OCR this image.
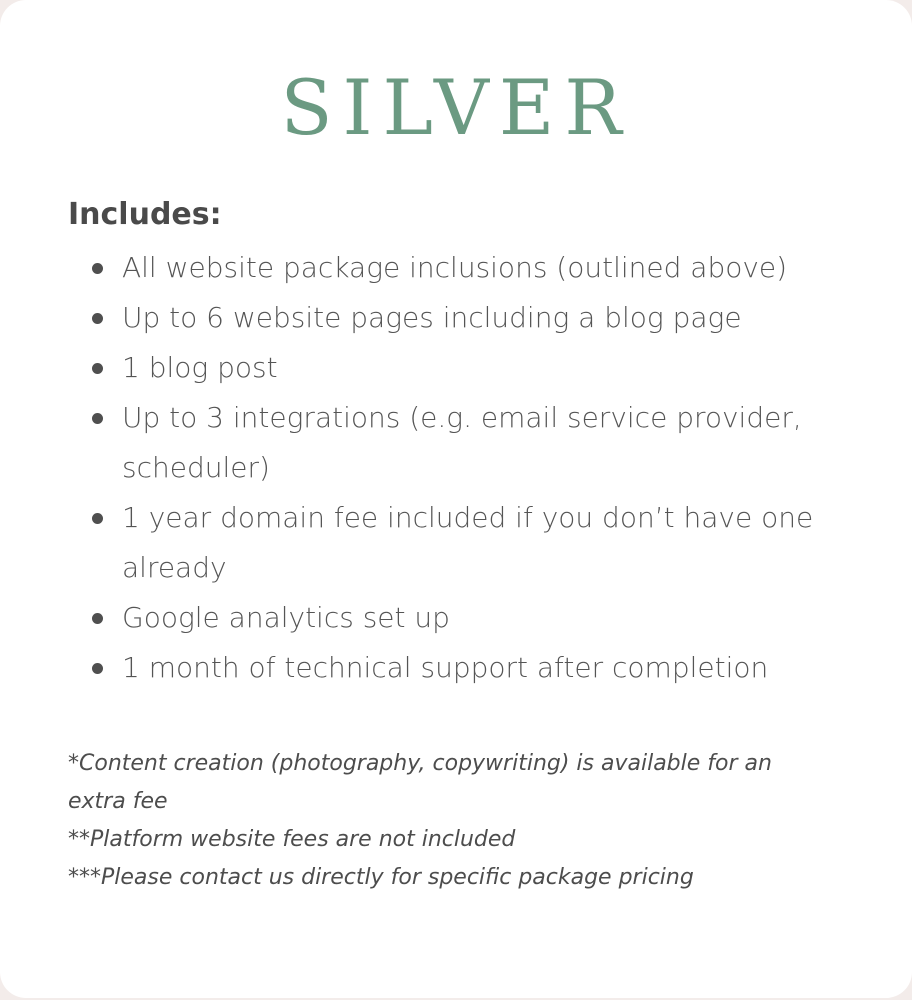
SILVER
Includes:
All website package inclusions (outlined above)
Up to 6 website pages including a blog page
1 blog post
Up to 3 integrations (e.g. email service provider, scheduler)
1 year domain fee included if you don’t have one already
Google analytics set up
1 month of technical support after completion

*Content creation (photography, copywriting) is available for an extra fee

**Platform website fees are not included

***Please contact us directly for specific package pricing
